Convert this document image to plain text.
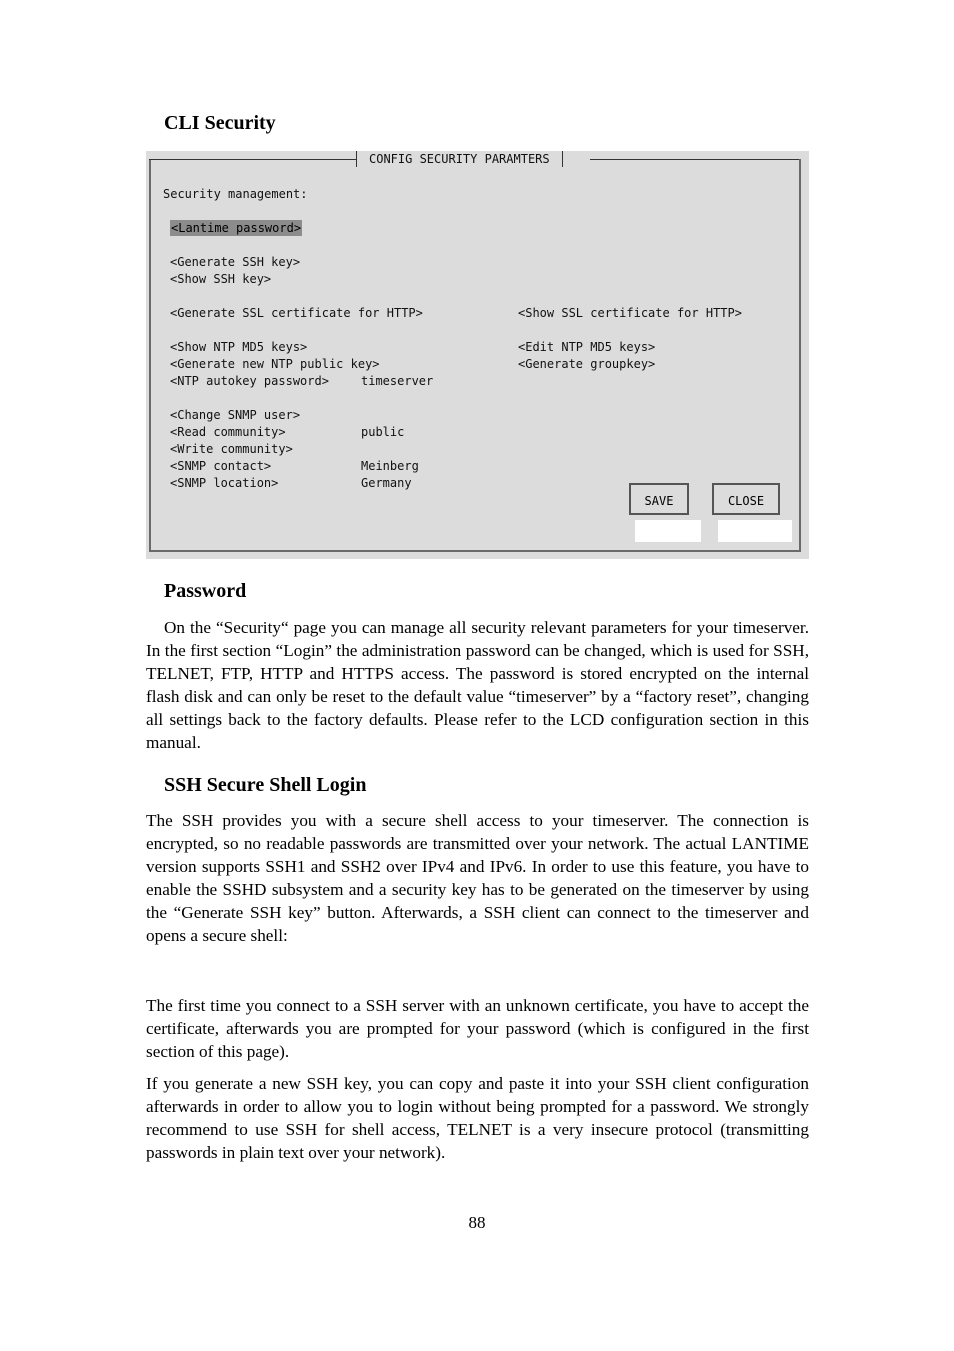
CLI Security
CONFIG SECURITY PARAMTERS
Security management:
<Lantime password>
<Generate SSH key>
<Show SSH key>
<Generate SSL certificate for HTTP>	<Show SSL certificate for HTTP>
<Show NTP MD5 keys>	<Edit NTP MD5 keys>
<Generate new NTP public key>	<Generate groupkey>
<NTP autokey password>	timeserver
<Change SNMP user>
<Read community>	public
<Write community>
<SNMP contact>	Meinberg
<SNMP location>	Germany
SAVE	CLOSE
Password

On the “Security“ page you can manage all security relevant parameters for your timeserver. In the first section “Login” the administration password can be changed, which is used for SSH, TELNET, FTP, HTTP and HTTPS access. The password is stored encrypted on the internal flash disk and can only be reset to the default value “timeserver” by a “factory reset”, changing all settings back to the factory defaults. Please refer to the LCD configuration section in this manual.

SSH Secure Shell Login

The SSH provides you with a secure shell access to your timeserver. The connection is encrypted, so no readable passwords are transmitted over your network. The actual LANTIME version supports SSH1 and SSH2 over IPv4 and IPv6. In order to use this feature, you have to enable the SSHD subsystem and a security key has to be generated on the timeserver by using the “Generate SSH key” button. Afterwards, a SSH client can connect to the timeserver and opens a secure shell:

The first time you connect to a SSH server with an unknown certificate, you have to accept the certificate, afterwards you are prompted for your password (which is configured in the first section of this page).

If you generate a new SSH key, you can copy and paste it into your SSH client configuration afterwards in order to allow you to login without being prompted for a password. We strongly recommend to use SSH for shell access, TELNET is a very insecure protocol (transmitting passwords in plain text over your network).

88
